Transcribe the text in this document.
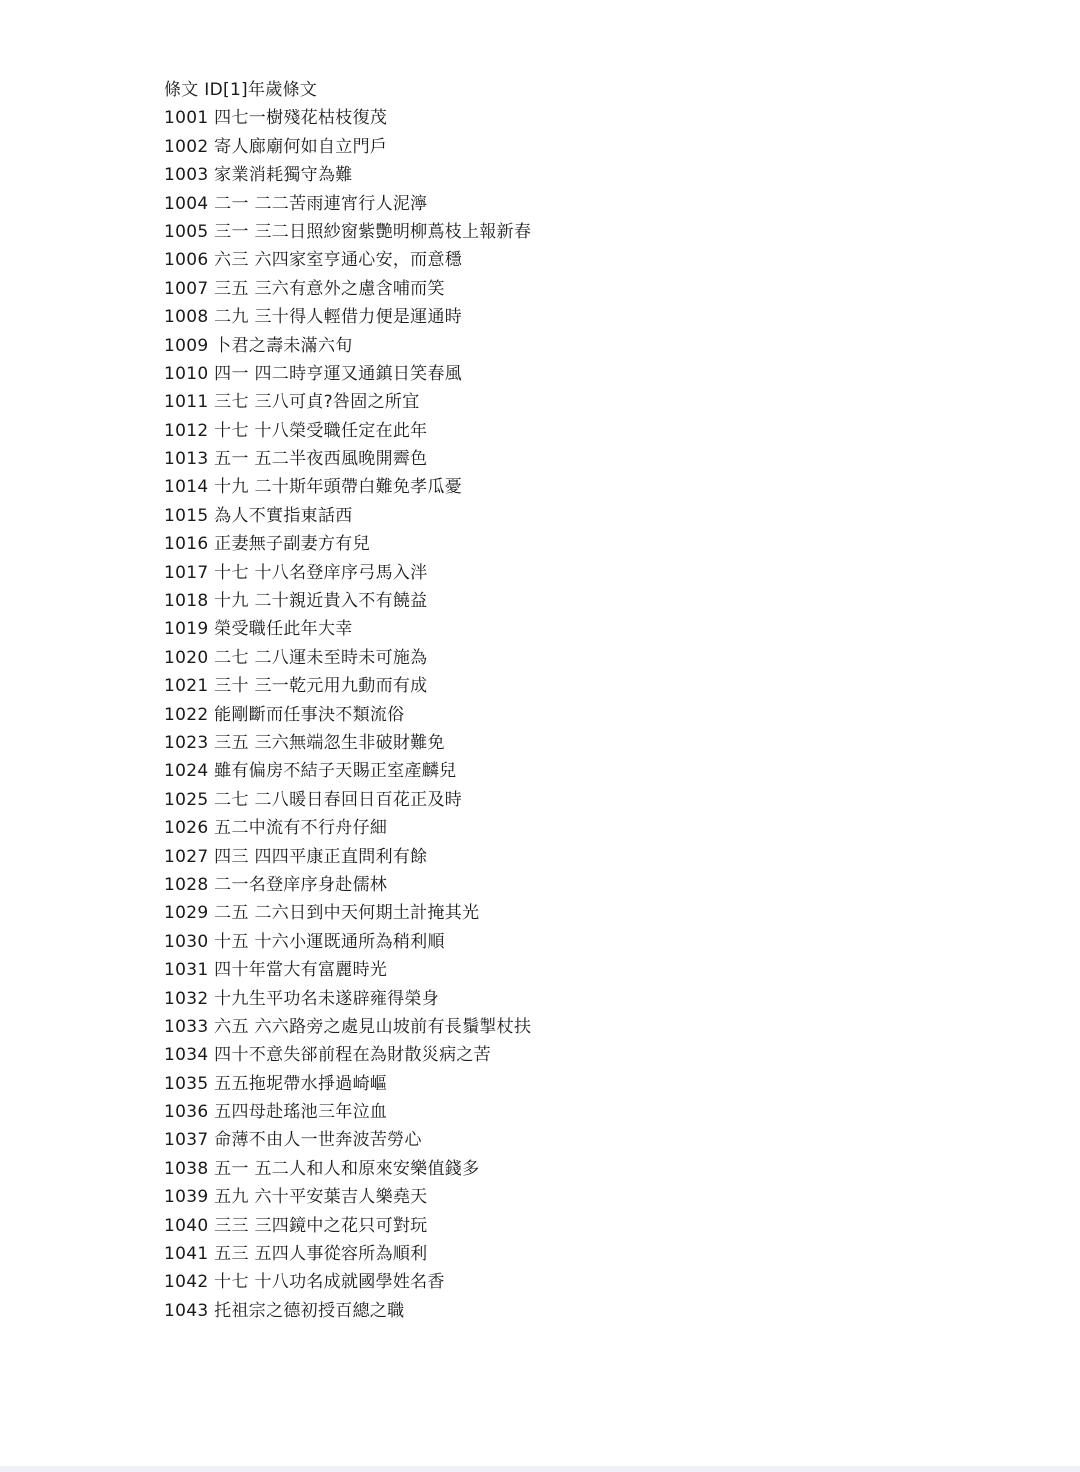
條文 ID[1]年歲條文
1001 四七一樹殘花枯枝復茂
1002 寄人廊廟何如自立門戶
1003 家業消耗獨守為難
1004 二一 二二苦雨連宵行人泥濘
1005 三一 三二日照紗窗紫艷明柳蔦枝上報新春
1006 六三 六四家室亨通心安，而意穩
1007 三五 三六有意外之慮含哺而笑
1008 二九 三十得人輕借力便是運通時
1009 卜君之壽未滿六旬
1010 四一 四二時亨運又通鎮日笑春風
1011 三七 三八可貞?咎固之所宜
1012 十七 十八榮受職任定在此年
1013 五一 五二半夜西風晚開霽色
1014 十九 二十斯年頭帶白難免孝瓜憂
1015 為人不實指東話西
1016 正妻無子副妻方有兒
1017 十七 十八名登庠序弓馬入泮
1018 十九 二十親近貴入不有饒益
1019 榮受職任此年大幸
1020 二七 二八運未至時未可施為
1021 三十 三一乾元用九動而有成
1022 能剛斷而任事決不類流俗
1023 三五 三六無端忽生非破財難免
1024 雖有偏房不結子天賜正室產麟兒
1025 二七 二八暖日春回日百花正及時
1026 五二中流有不行舟仔細
1027 四三 四四平康正直問利有餘
1028 二一名登庠序身赴儒林
1029 二五 二六日到中天何期土計掩其光
1030 十五 十六小運既通所為稍利順
1031 四十年當大有富麗時光
1032 十九生平功名未遂辟雍得榮身
1033 六五 六六路旁之處見山坡前有長鬚掣杖扶
1034 四十不意失郤前程在為財散災病之苦
1035 五五拖坭帶水掙過崎嶇
1036 五四母赴瑤池三年泣血
1037 命薄不由人一世奔波苦勞心
1038 五一 五二人和人和原來安樂值錢多
1039 五九 六十平安葉吉人樂堯天
1040 三三 三四鏡中之花只可對玩
1041 五三 五四人事從容所為順利
1042 十七 十八功名成就國學姓名香
1043 托祖宗之德初授百總之職
